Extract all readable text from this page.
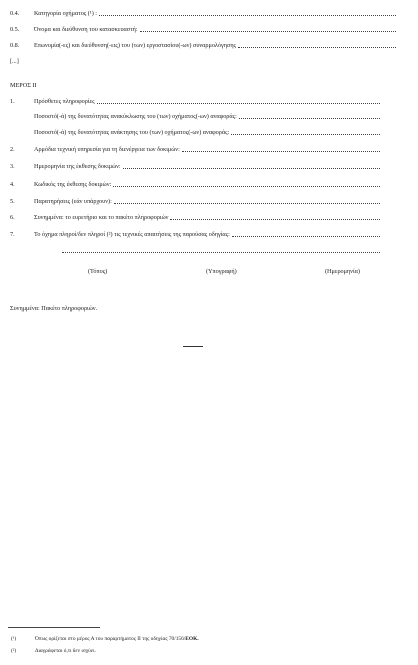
0.4. Κατηγορία οχήματος (¹) :
0.5. Όνομα και διεύθυνση του κατασκευαστή:
0.8. Επωνυμία(-ες) και διεύθυνση(-εις) του (των) εργοστασίου(-ων) συναρμολόγησης
[...]
ΜΕΡΟΣ II
1.	Πρόσθετες πληροφορίες
Ποσοστό(-ά) της δυνατότητας ανακύκλωσης του (των) οχήματος(-ων) αναφοράς:
Ποσοστό(-ά) της δυνατότητας ανάκτησης του (των) οχήματος(-ων) αναφοράς:
2.	Αρμόδια τεχνική υπηρεσία για τη διενέργεια των δοκιμών:
3.	Ημερομηνία της έκθεσης δοκιμών:
4.	Κωδικός της έκθεσης δοκιμών:
5.	Παρατηρήσεις (εάν υπάρχουν):
6.	Συνημμένα: το ευρετήριο και το πακέτο πληροφοριών
7.	Το όχημα πληροί/δεν πληροί (²) τις τεχνικές απαιτήσεις της παρούσας οδηγίας:
(Τόπος)	(Υπογραφή)	(Ημερομηνία)
Συνημμένα: Πακέτο πληροφοριών.
(¹)	Όπως ορίζεται στο μέρος Α του παραρτήματος ΙΙ της οδηγίας 70/156/ΕΟΚ.
(²)	Διαγράφεται ό,τι δεν ισχύει.
